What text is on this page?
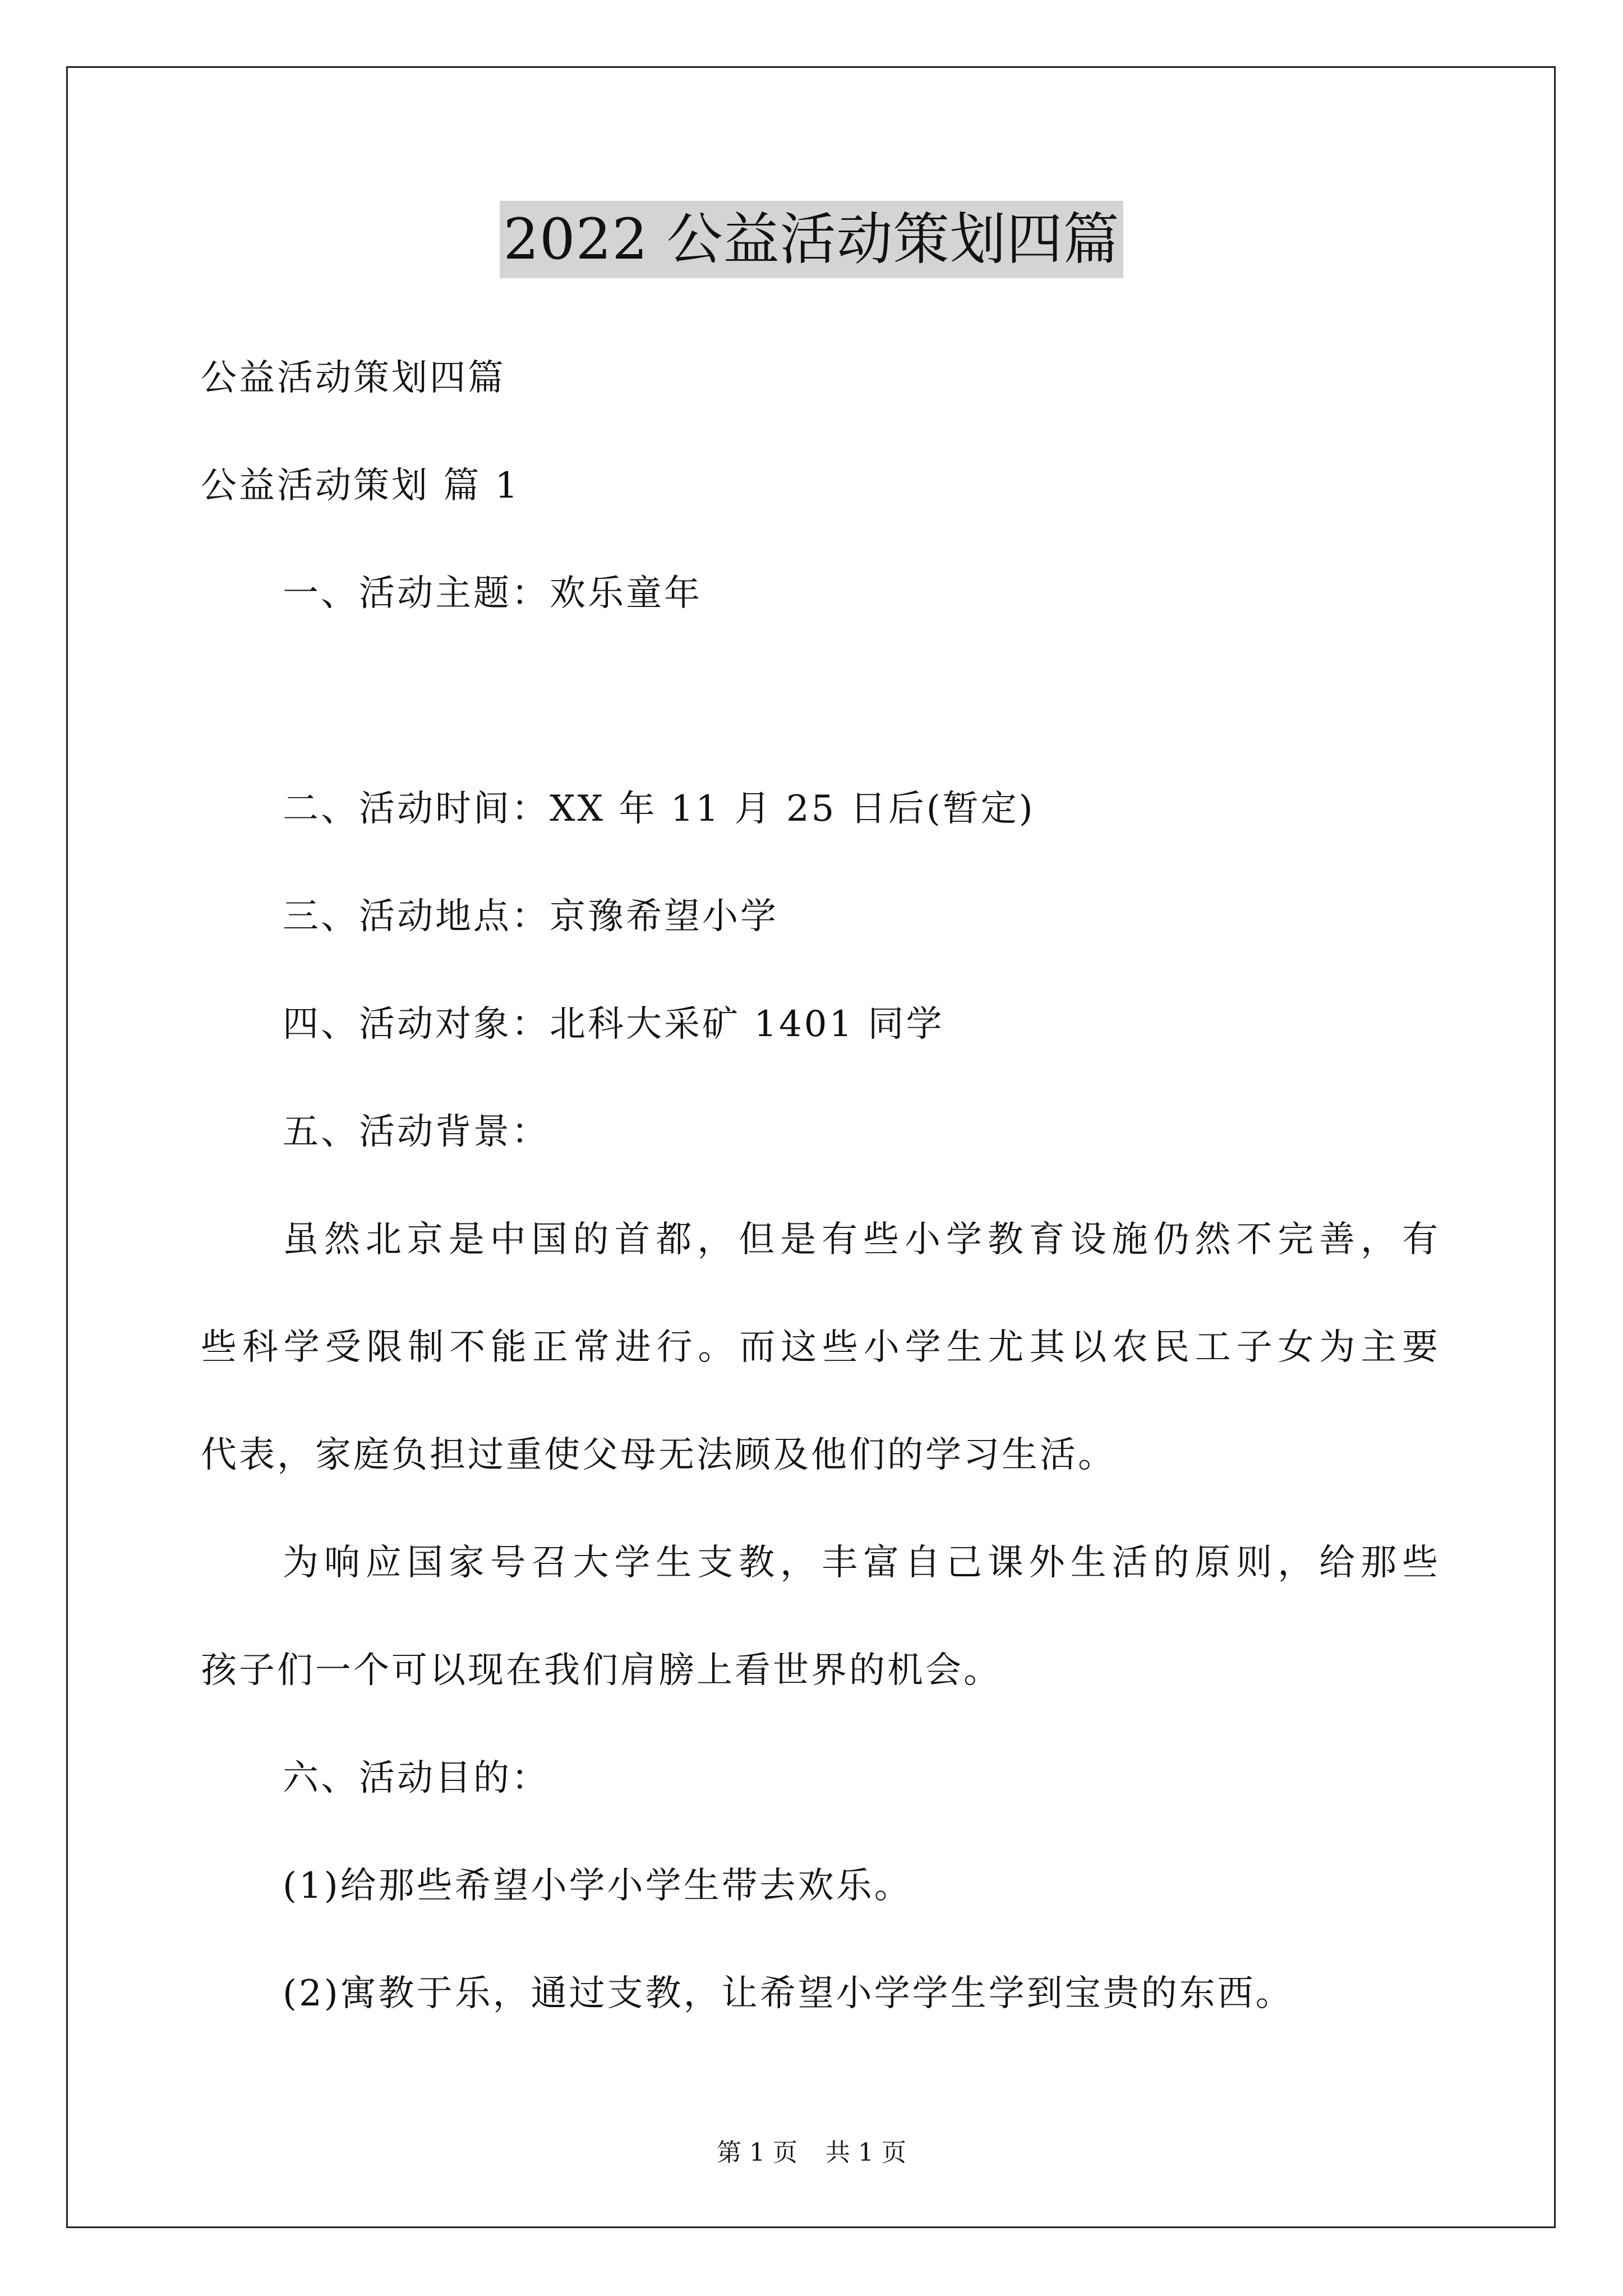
2022 公益活动策划四篇
公益活动策划四篇
公益活动策划 篇 1
一、活动主题：欢乐童年
二、活动时间：XX 年 11 月 25 日后(暂定)
三、活动地点：京豫希望小学
四、活动对象：北科大采矿 1401 同学
五、活动背景：
虽然北京是中国的首都，但是有些小学教育设施仍然不完善，有
些科学受限制不能正常进行。而这些小学生尤其以农民工子女为主要
代表，家庭负担过重使父母无法顾及他们的学习生活。
为响应国家号召大学生支教，丰富自己课外生活的原则，给那些
孩子们一个可以现在我们肩膀上看世界的机会。
六、活动目的：
(1)给那些希望小学小学生带去欢乐。
(2)寓教于乐，通过支教，让希望小学学生学到宝贵的东西。
第 1 页 共 1 页
